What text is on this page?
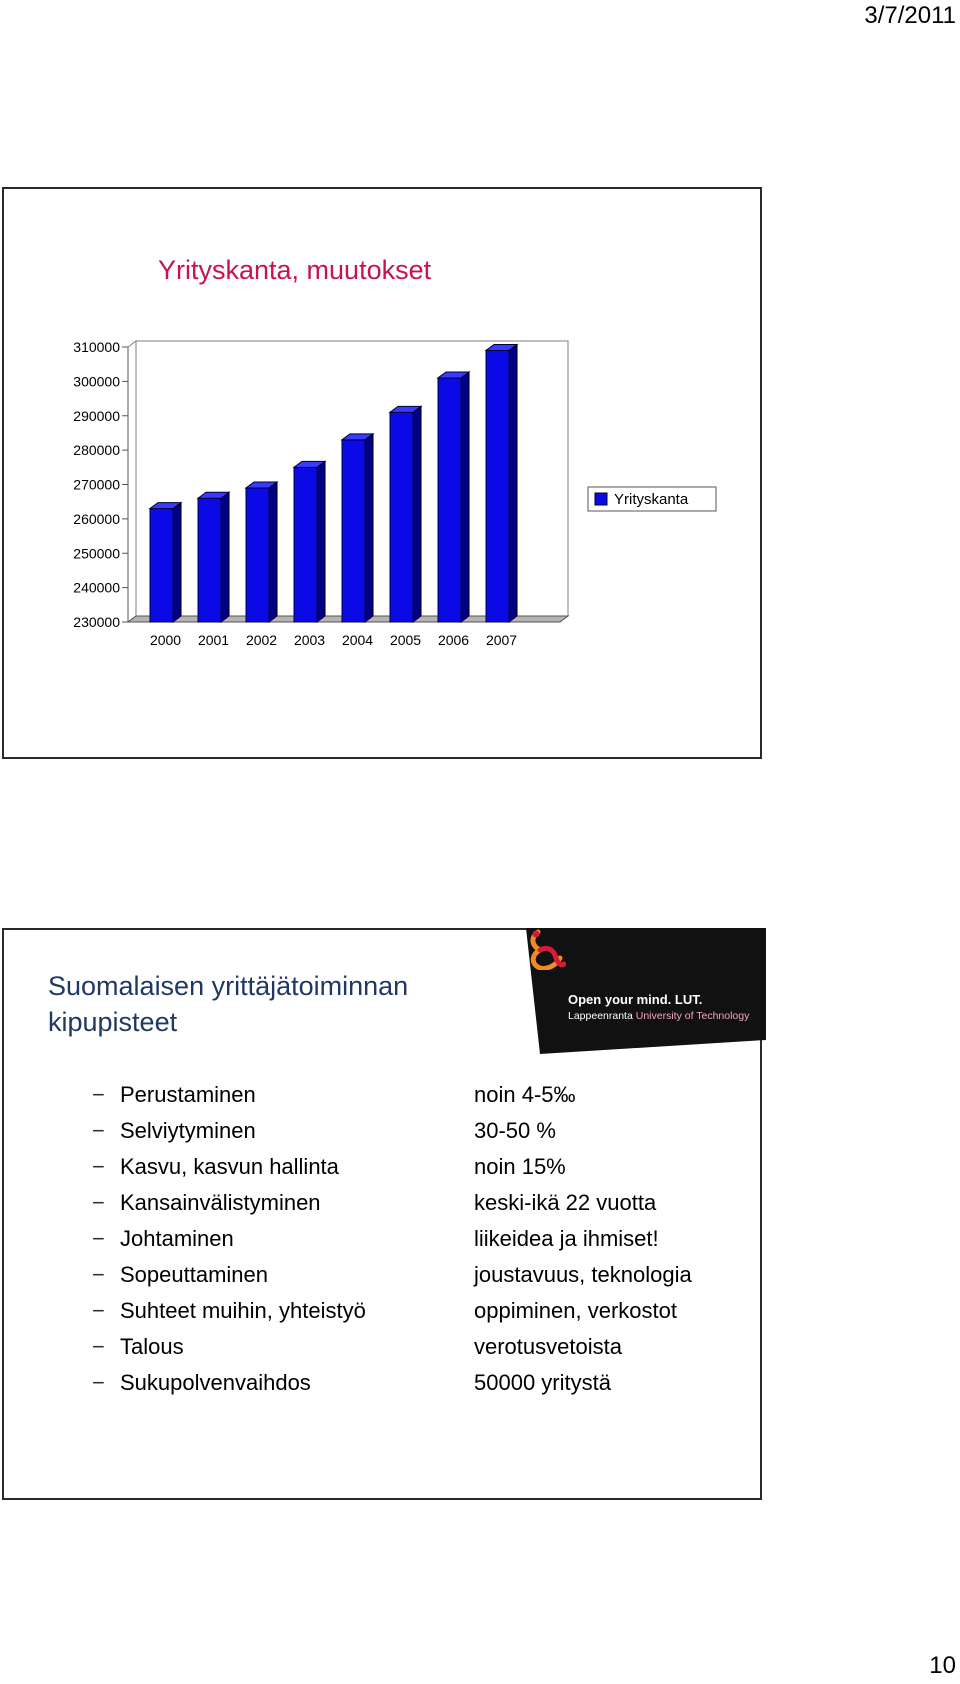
3/7/2011
Yrityskanta, muutokset
230000
240000
250000
260000
270000
280000
290000
300000
310000
2000 2001 2002 2003 2004 2005 2006 2007
Yrityskanta
Suomalaisen yrittäjätoiminnan
kipupisteet
Open your mind. LUT.
Lappeenranta University of Technology
− Perustaminen	noin 4-5‰
− Selviytyminen	30-50 %
− Kasvu, kasvun hallinta	noin 15%
− Kansainvälistyminen	keski-ikä 22 vuotta
− Johtaminen	liikeidea ja ihmiset!
− Sopeuttaminen	joustavuus, teknologia
− Suhteet muihin, yhteistyö	oppiminen, verkostot
− Talous	verotusvetoista
− Sukupolvenvaihdos	50000 yritystä
10
